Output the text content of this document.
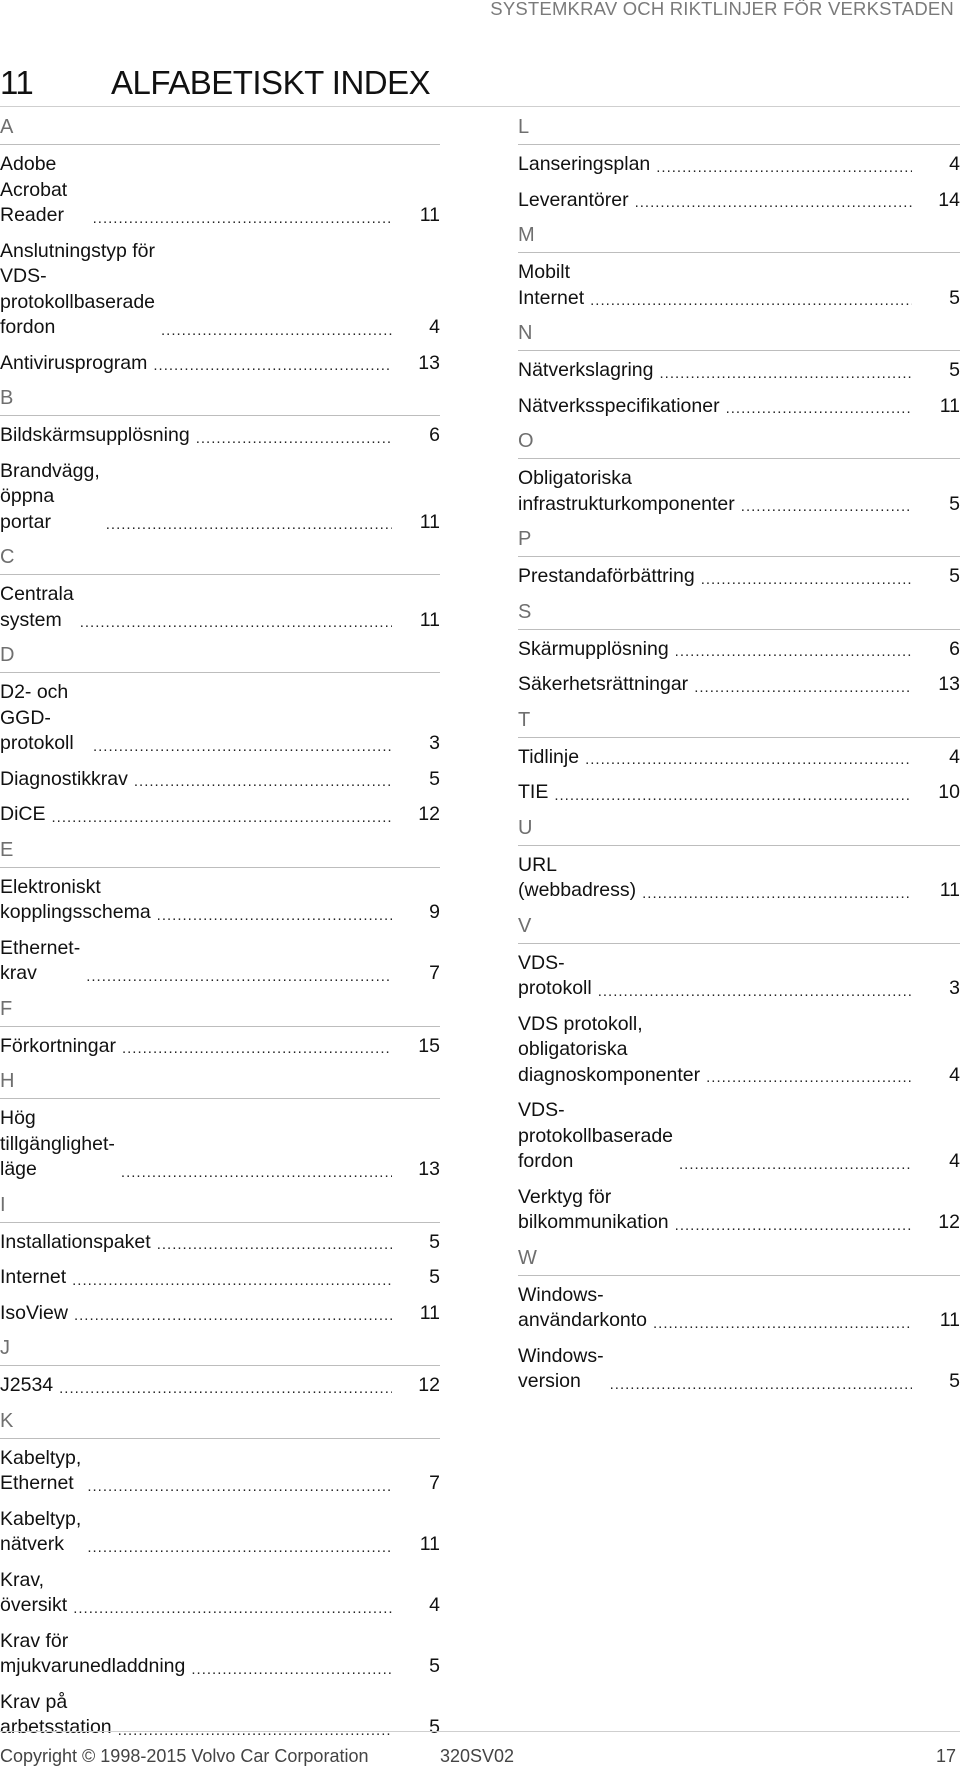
SYSTEMKRAV OCH RIKTLINJER FÖR VERKSTADEN
11 ALFABETISKT INDEX
A
Adobe Acrobat Reader .....	11
Anslutningstyp för VDS-protokollbaserade fordon .....	4
Antivirusprogram .....	13
B
Bildskärmsupplösning .....	6
Brandvägg, öppna portar .....	11
C
Centrala system .....	11
D
D2- och GGD-protokoll .....	3
Diagnostikkrav .....	5
DiCE .....	12
E
Elektroniskt kopplingsschema .....	9
Ethernet-krav .....	7
F
Förkortningar .....	15
H
Hög tillgänglighet-läge .....	13
I
Installationspaket .....	5
Internet .....	5
IsoView .....	11
J
J2534 .....	12
K
Kabeltyp, Ethernet .....	7
Kabeltyp, nätverk .....	11
Krav, översikt .....	4
Krav för mjukvarunedladdning .....	5
Krav på arbetsstation .....	5
L
Lanseringsplan .....	4
Leverantörer .....	14
M
Mobilt Internet .....	5
N
Nätverkslagring .....	5
Nätverksspecifikationer .....	11
O
Obligatoriska infrastrukturkomponenter .....	5
P
Prestandaförbättring .....	5
S
Skärmupplösning .....	6
Säkerhetsrättningar .....	13
T
Tidlinje .....	4
TIE .....	10
U
URL (webbadress) .....	11
V
VDS-protokoll .....	3
VDS protokoll, obligatoriska diagnoskomponenter .....	4
VDS-protokollbaserade fordon .....	4
Verktyg för bilkommunikation .....	12
W
Windows-användarkonto .....	11
Windows-version .....	5
Copyright © 1998-2015 Volvo Car Corporation	320SV02	17
